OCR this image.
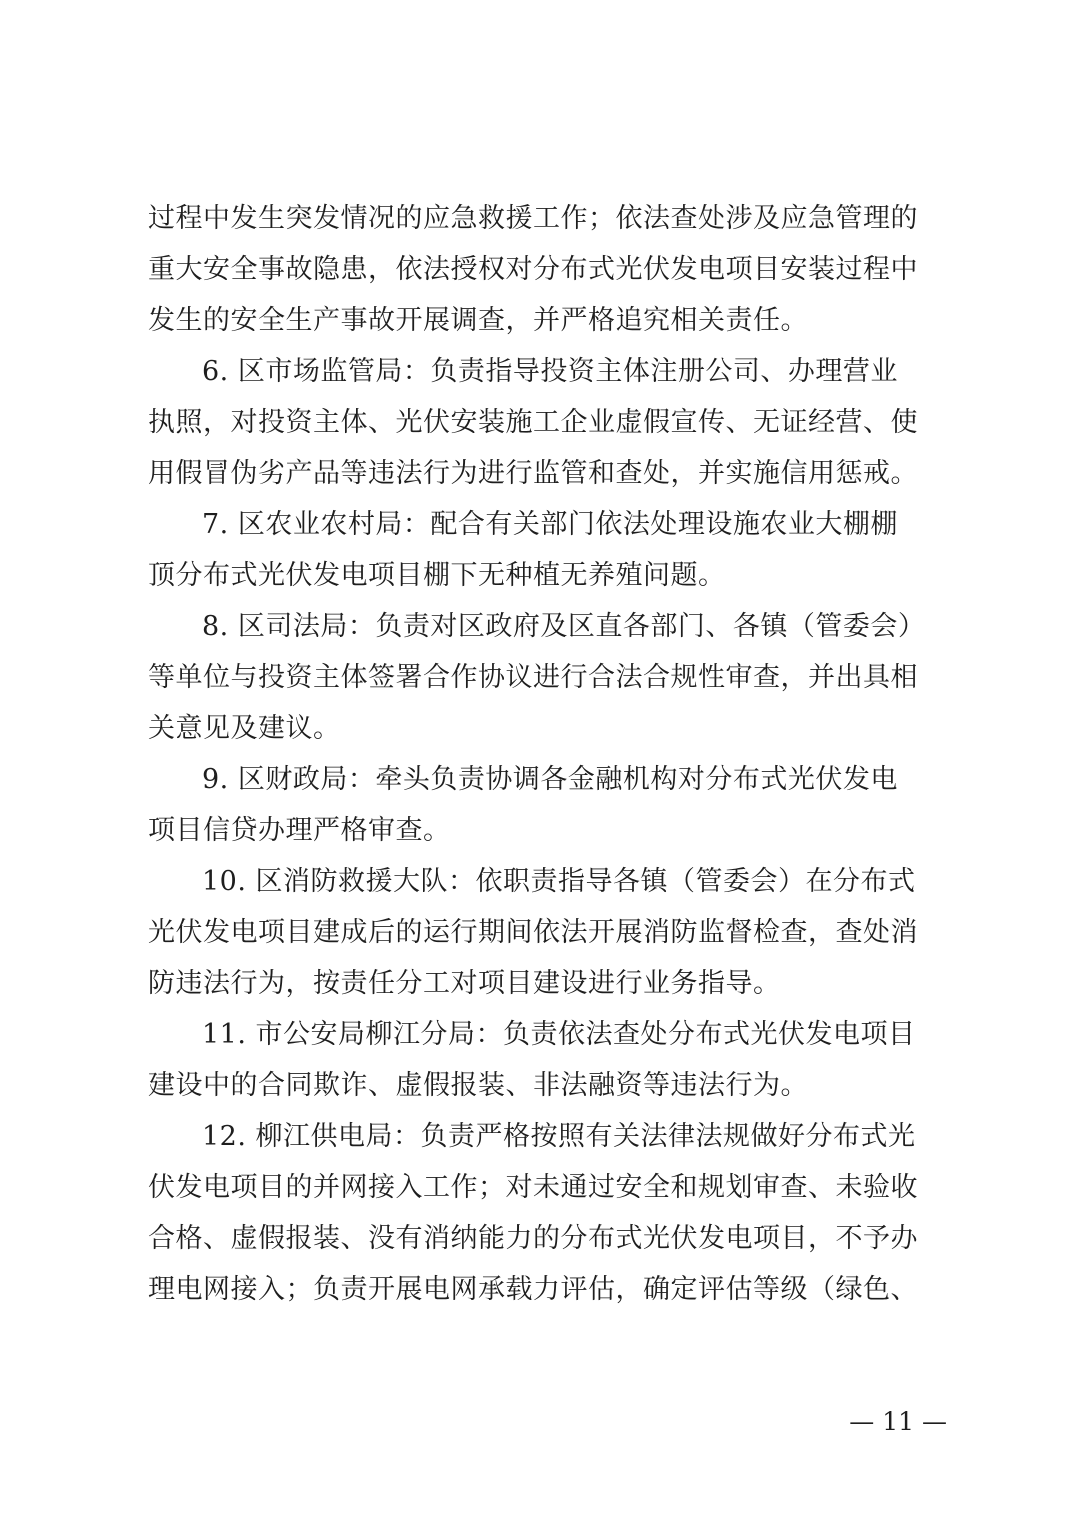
过程中发生突发情况的应急救援工作；依法查处涉及应急管理的
重大安全事故隐患，依法授权对分布式光伏发电项目安装过程中
发生的安全生产事故开展调查，并严格追究相关责任。
6. 区市场监管局：负责指导投资主体注册公司、办理营业
执照，对投资主体、光伏安装施工企业虚假宣传、无证经营、使
用假冒伪劣产品等违法行为进行监管和查处，并实施信用惩戒。
7. 区农业农村局：配合有关部门依法处理设施农业大棚棚
顶分布式光伏发电项目棚下无种植无养殖问题。
8. 区司法局：负责对区政府及区直各部门、各镇（管委会）
等单位与投资主体签署合作协议进行合法合规性审查，并出具相
关意见及建议。
9. 区财政局：牵头负责协调各金融机构对分布式光伏发电
项目信贷办理严格审查。
10. 区消防救援大队：依职责指导各镇（管委会）在分布式
光伏发电项目建成后的运行期间依法开展消防监督检查，查处消
防违法行为，按责任分工对项目建设进行业务指导。
11. 市公安局柳江分局：负责依法查处分布式光伏发电项目
建设中的合同欺诈、虚假报装、非法融资等违法行为。
12. 柳江供电局：负责严格按照有关法律法规做好分布式光
伏发电项目的并网接入工作；对未通过安全和规划审查、未验收
合格、虚假报装、没有消纳能力的分布式光伏发电项目，不予办
理电网接入；负责开展电网承载力评估，确定评估等级（绿色、
— 11 —
